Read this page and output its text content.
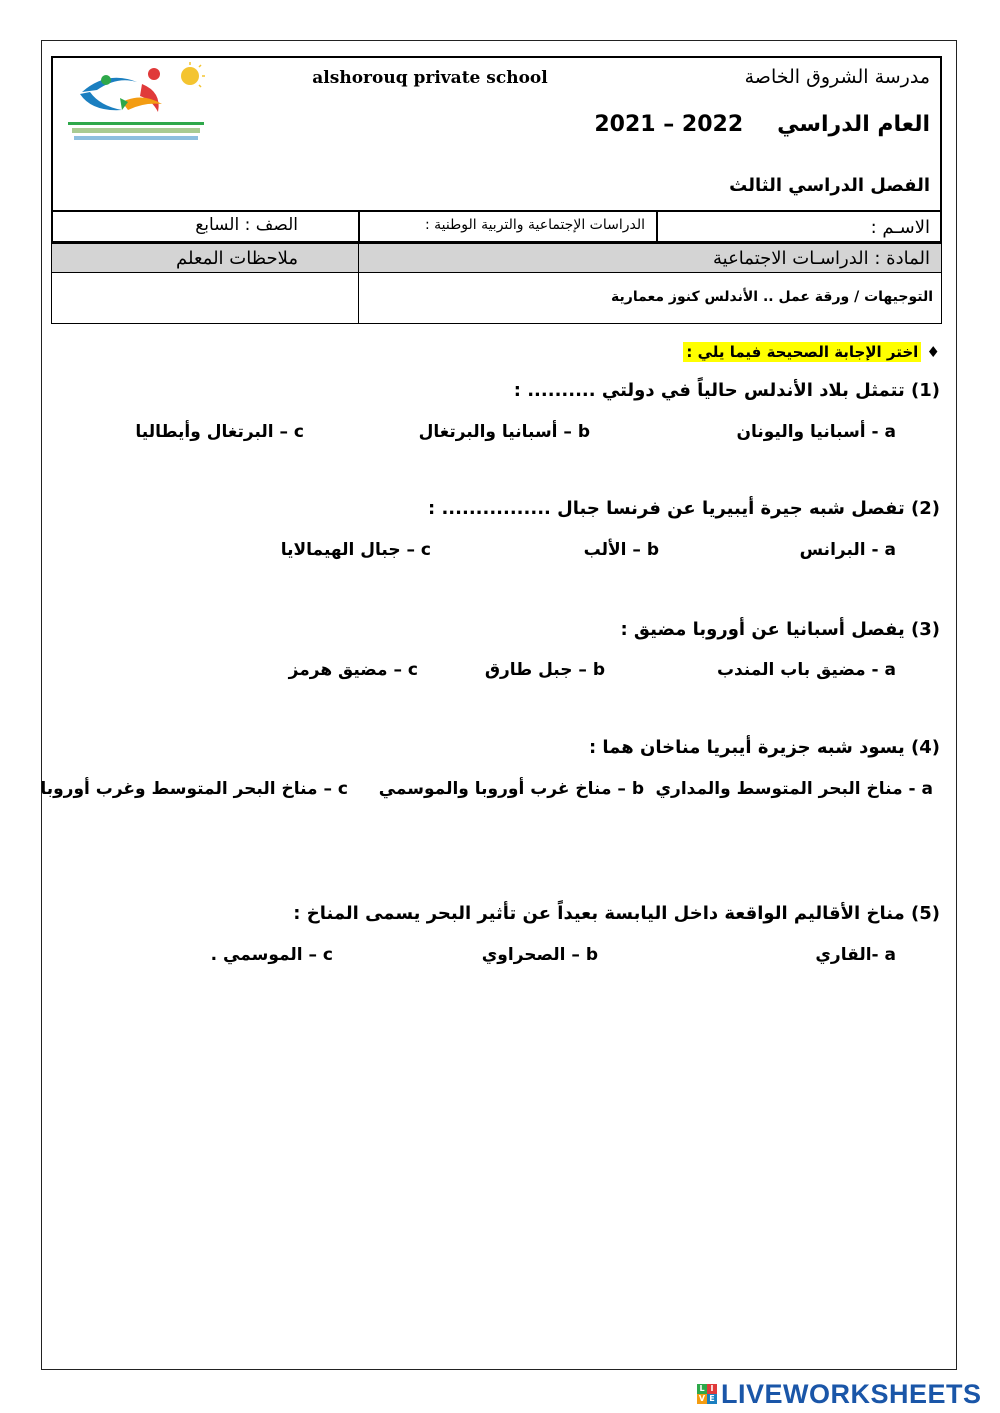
alshorouq private school	مدرسة الشروق الخاصة
العام الدراسي2022 – 2021
الفصل الدراسي الثالث
الاسـم :
الدراسات الإجتماعية والتربية الوطنية :
الصف : السابع
المادة : الدراسـات الاجتماعية
ملاحظات المعلم
التوجيهات / ورقة عمل .. الأندلس كنوز معمارية
♦ اختر الإجابة الصحيحة فيما يلي :
(1) تتمثل بلاد الأندلس حالياً في دولتي .......... :
a - أسبانيا واليونان
b – أسبانيا والبرتغال
c – البرتغال وأيطاليا
(2) تفصل شبه جيرة أيبيريا عن فرنسا جبال ................ :
a - البرانس
b – الألب
c – جبال الهيمالايا
(3) يفصل أسبانيا عن أوروبا مضيق :
a - مضيق باب المندب
b – جبل طارق
c – مضيق هرمز
(4) يسود شبه جزيرة أيبريا مناخان هما :
a - مناخ البحر المتوسط والمداري
b – مناخ غرب أوروبا والموسمي
c – مناخ البحر المتوسط وغرب أوروبا
(5) مناخ الأقاليم الواقعة داخل اليابسة بعيداً عن تأثير البحر يسمى المناخ :
a -القاري
b – الصحراوي
c – الموسمي .
L I
V E LIVEWORKSHEETS
